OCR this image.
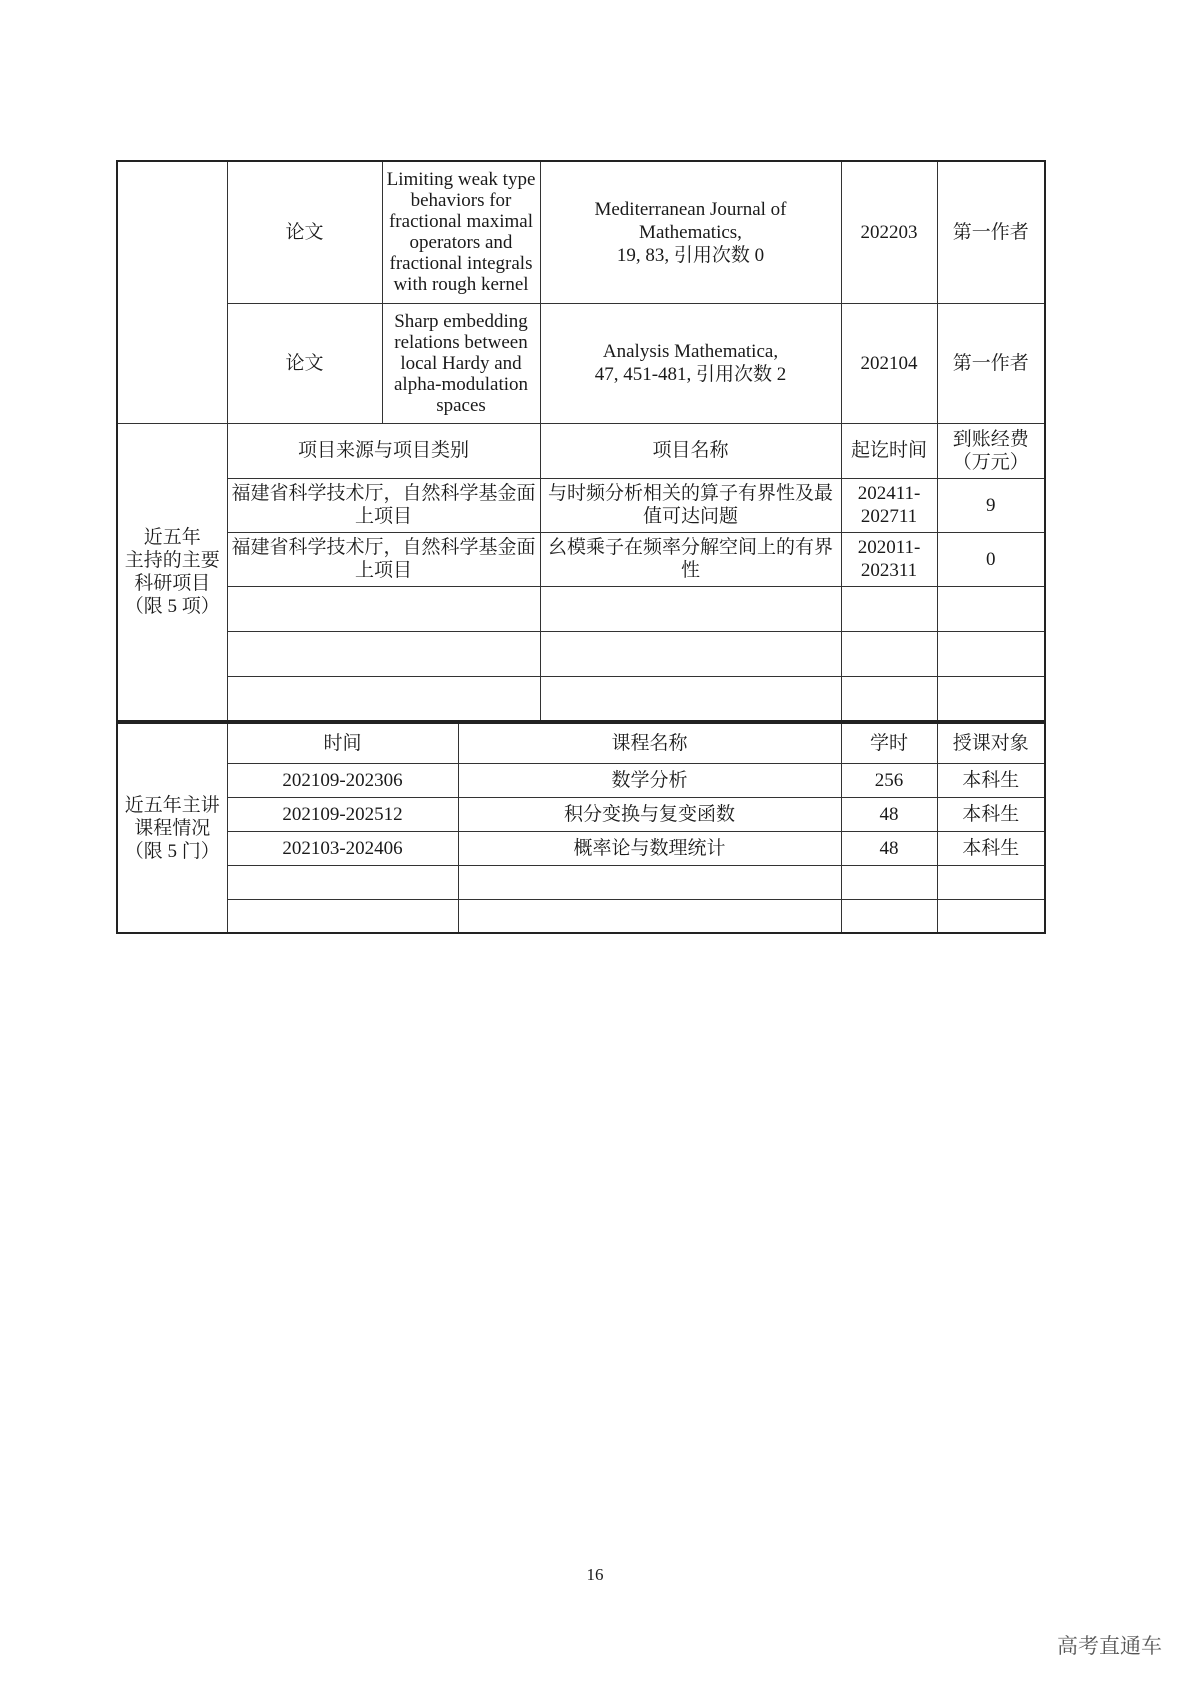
	论文	Limiting weak type behaviors for fractional maximal operators and fractional integrals with rough kernel	Mediterranean Journal of
Mathematics,
19, 83, 引用次数 0	202203	第一作者
	论文	Sharp embedding relations between local Hardy and alpha-modulation spaces	Analysis Mathematica,
47, 451-481, 引用次数 2	202104	第一作者
近五年
主持的主要
科研项目
（限 5 项）	项目来源与项目类别		项目名称	起讫时间	到账经费
（万元）
	福建省科学技术厅，自然科学基金面上项目		与时频分析相关的算子有界性及最值可达问题	202411-
202711	9
	福建省科学技术厅，自然科学基金面上项目		幺模乘子在频率分解空间上的有界性	202011-
202311	0

近五年主讲
课程情况
（限 5 门）	时间	课程名称	学时	授课对象
	202109-202306	数学分析	256	本科生
	202109-202512	积分变换与复变函数	48	本科生
	202103-202406	概率论与数理统计	48	本科生

16
高考直通车
